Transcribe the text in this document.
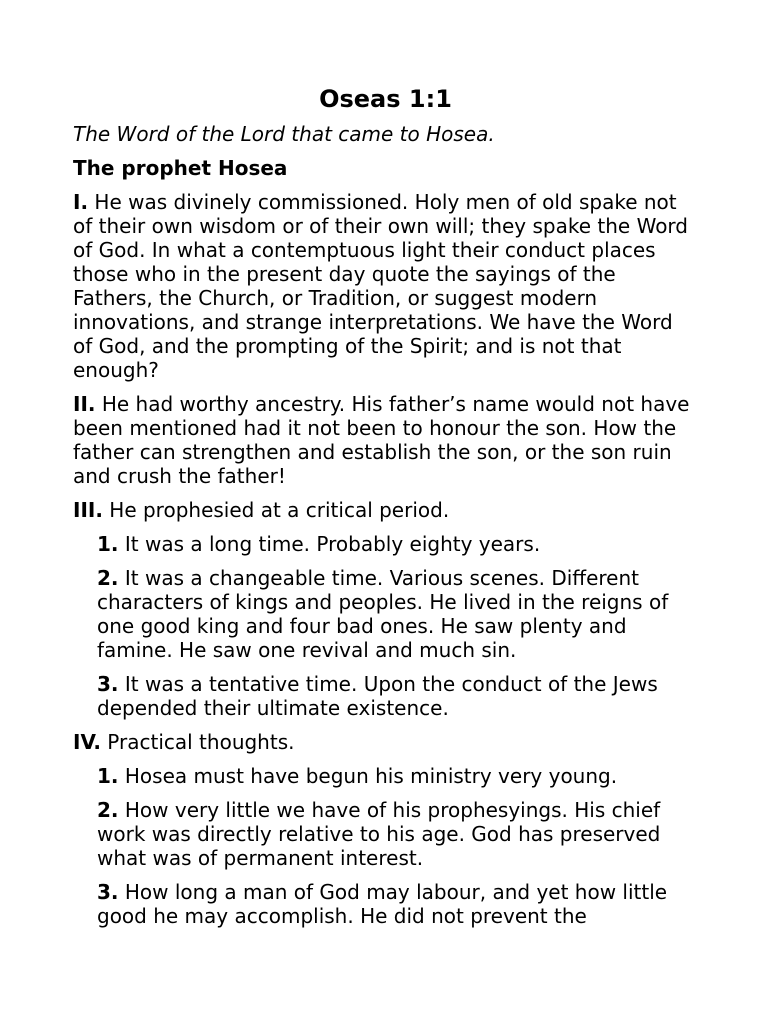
Oseas 1:1

The Word of the Lord that came to Hosea.

The prophet Hosea

I. He was divinely commissioned. Holy men of old spake not of their own wisdom or of their own will; they spake the Word of God. In what a contemptuous light their conduct places those who in the present day quote the sayings of the Fathers, the Church, or Tradition, or suggest modern innovations, and strange interpretations. We have the Word of God, and the prompting of the Spirit; and is not that enough?

II. He had worthy ancestry. His father’s name would not have been mentioned had it not been to honour the son. How the father can strengthen and establish the son, or the son ruin and crush the father!

III. He prophesied at a critical period.

1. It was a long time. Probably eighty years.

2. It was a changeable time. Various scenes. Different characters of kings and peoples. He lived in the reigns of one good king and four bad ones. He saw plenty and famine. He saw one revival and much sin.

3. It was a tentative time. Upon the conduct of the Jews depended their ultimate existence.

IV. Practical thoughts.

1. Hosea must have begun his ministry very young.

2. How very little we have of his prophesyings. His chief work was directly relative to his age. God has preserved what was of permanent interest.

3. How long a man of God may labour, and yet how little good he may accomplish. He did not prevent the
